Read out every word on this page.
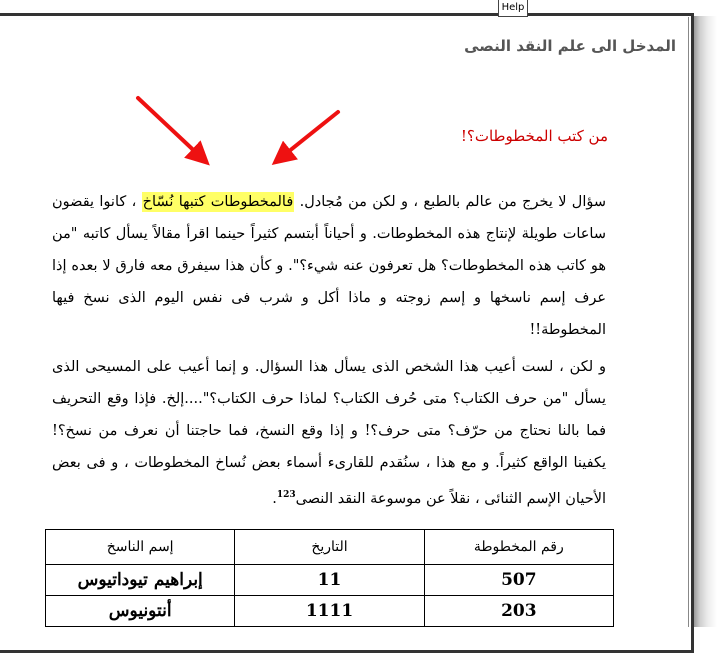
Help
المدخل الى علم النقد النصى
من كتب المخطوطات؟!
سؤال لا يخرج من عالم بالطبع ، و لكن من مُجادل. فالمخطوطات كتبها نُسّاخ ، كانوا يقضون ساعات طويلة لإنتاج هذه المخطوطات. و أحياناً أبتسم كثيراً حينما اقرأ مقالاً يسأل كاتبه "من هو كاتب هذه المخطوطات؟ هل تعرفون عنه شيء؟". و كأن هذا سيفرق معه فارق لا بعده إذا عرف إسم ناسخها و إسم زوجته و ماذا أكل و شرب فى نفس اليوم الذى نسخ فيها المخطوطة!!
و لكن ، لست أعيب هذا الشخص الذى يسأل هذا السؤال. و إنما أعيب على المسيحى الذى يسأل "من حرف الكتاب؟ متى حُرف الكتاب؟ لماذا حرف الكتاب؟"....إلخ. فإذا وقع التحريف فما بالنا نحتاج من حرّف؟ متى حرف؟! و إذا وقع النسخ، فما حاجتنا أن نعرف من نسخ؟! يكفينا الواقع كثيراً. و مع هذا ، سنُقدم للقارىء أسماء بعض نُساخ المخطوطات ، و فى بعض الأحيان الإسم الثنائى ، نقلاً عن موسوعة النقد النصى$^{123}$.
رقم المخطوطة	التاريخ	إسم الناسخ
507	11	إبراهيم تيوداتيوس
203	1111	أنتونيوس
